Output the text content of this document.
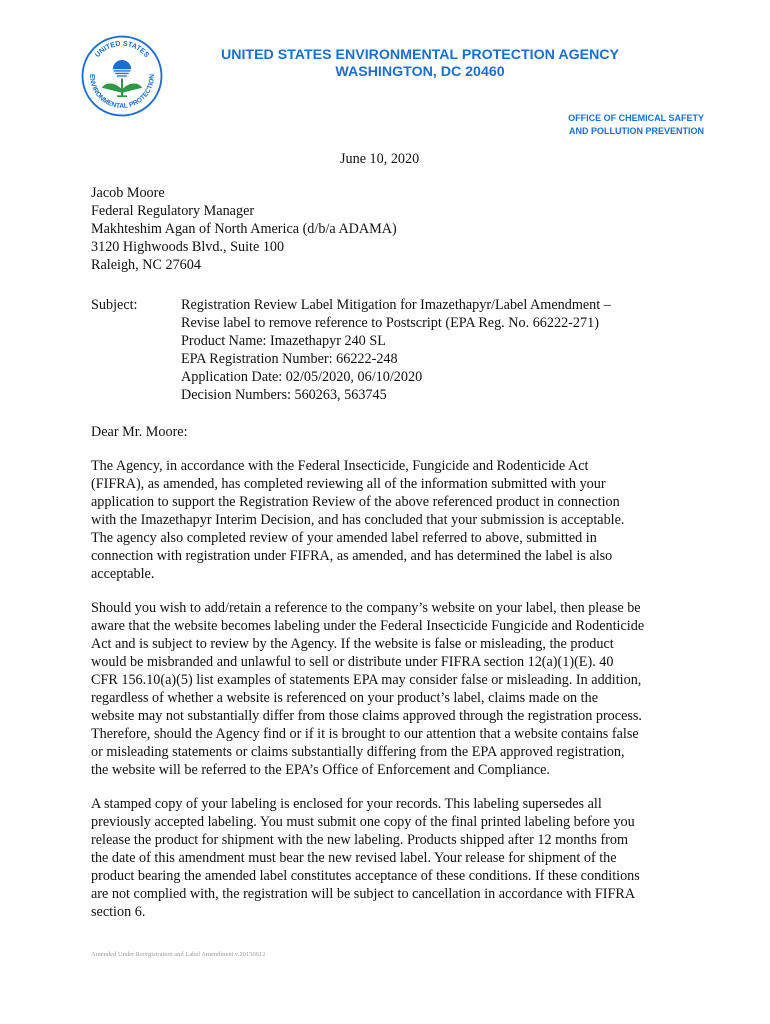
UNITED STATES
ENVIRONMENTAL PROTECTION
UNITED STATES ENVIRONMENTAL PROTECTION AGENCY
WASHINGTON, DC 20460
OFFICE OF CHEMICAL SAFETY
AND POLLUTION PREVENTION
June 10, 2020
Jacob Moore
Federal Regulatory Manager
Makhteshim Agan of North America (d/b/a ADAMA)
3120 Highwoods Blvd., Suite 100
Raleigh, NC 27604
Subject:	Registration Review Label Mitigation for Imazethapyr/Label Amendment –
Revise label to remove reference to Postscript (EPA Reg. No. 66222-271)
Product Name: Imazethapyr 240 SL
EPA Registration Number: 66222-248
Application Date: 02/05/2020, 06/10/2020
Decision Numbers: 560263, 563745
Dear Mr. Moore:
The Agency, in accordance with the Federal Insecticide, Fungicide and Rodenticide Act
(FIFRA), as amended, has completed reviewing all of the information submitted with your
application to support the Registration Review of the above referenced product in connection
with the Imazethapyr Interim Decision, and has concluded that your submission is acceptable.
The agency also completed review of your amended label referred to above, submitted in
connection with registration under FIFRA, as amended, and has determined the label is also
acceptable.
Should you wish to add/retain a reference to the company’s website on your label, then please be
aware that the website becomes labeling under the Federal Insecticide Fungicide and Rodenticide
Act and is subject to review by the Agency. If the website is false or misleading, the product
would be misbranded and unlawful to sell or distribute under FIFRA section 12(a)(1)(E). 40
CFR 156.10(a)(5) list examples of statements EPA may consider false or misleading. In addition,
regardless of whether a website is referenced on your product’s label, claims made on the
website may not substantially differ from those claims approved through the registration process.
Therefore, should the Agency find or if it is brought to our attention that a website contains false
or misleading statements or claims substantially differing from the EPA approved registration,
the website will be referred to the EPA’s Office of Enforcement and Compliance.
A stamped copy of your labeling is enclosed for your records. This labeling supersedes all
previously accepted labeling. You must submit one copy of the final printed labeling before you
release the product for shipment with the new labeling. Products shipped after 12 months from
the date of this amendment must bear the new revised label. Your release for shipment of the
product bearing the amended label constitutes acceptance of these conditions. If these conditions
are not complied with, the registration will be subject to cancellation in accordance with FIFRA
section 6.
Amended Under Reregistration and Label Amendment v.20150612
